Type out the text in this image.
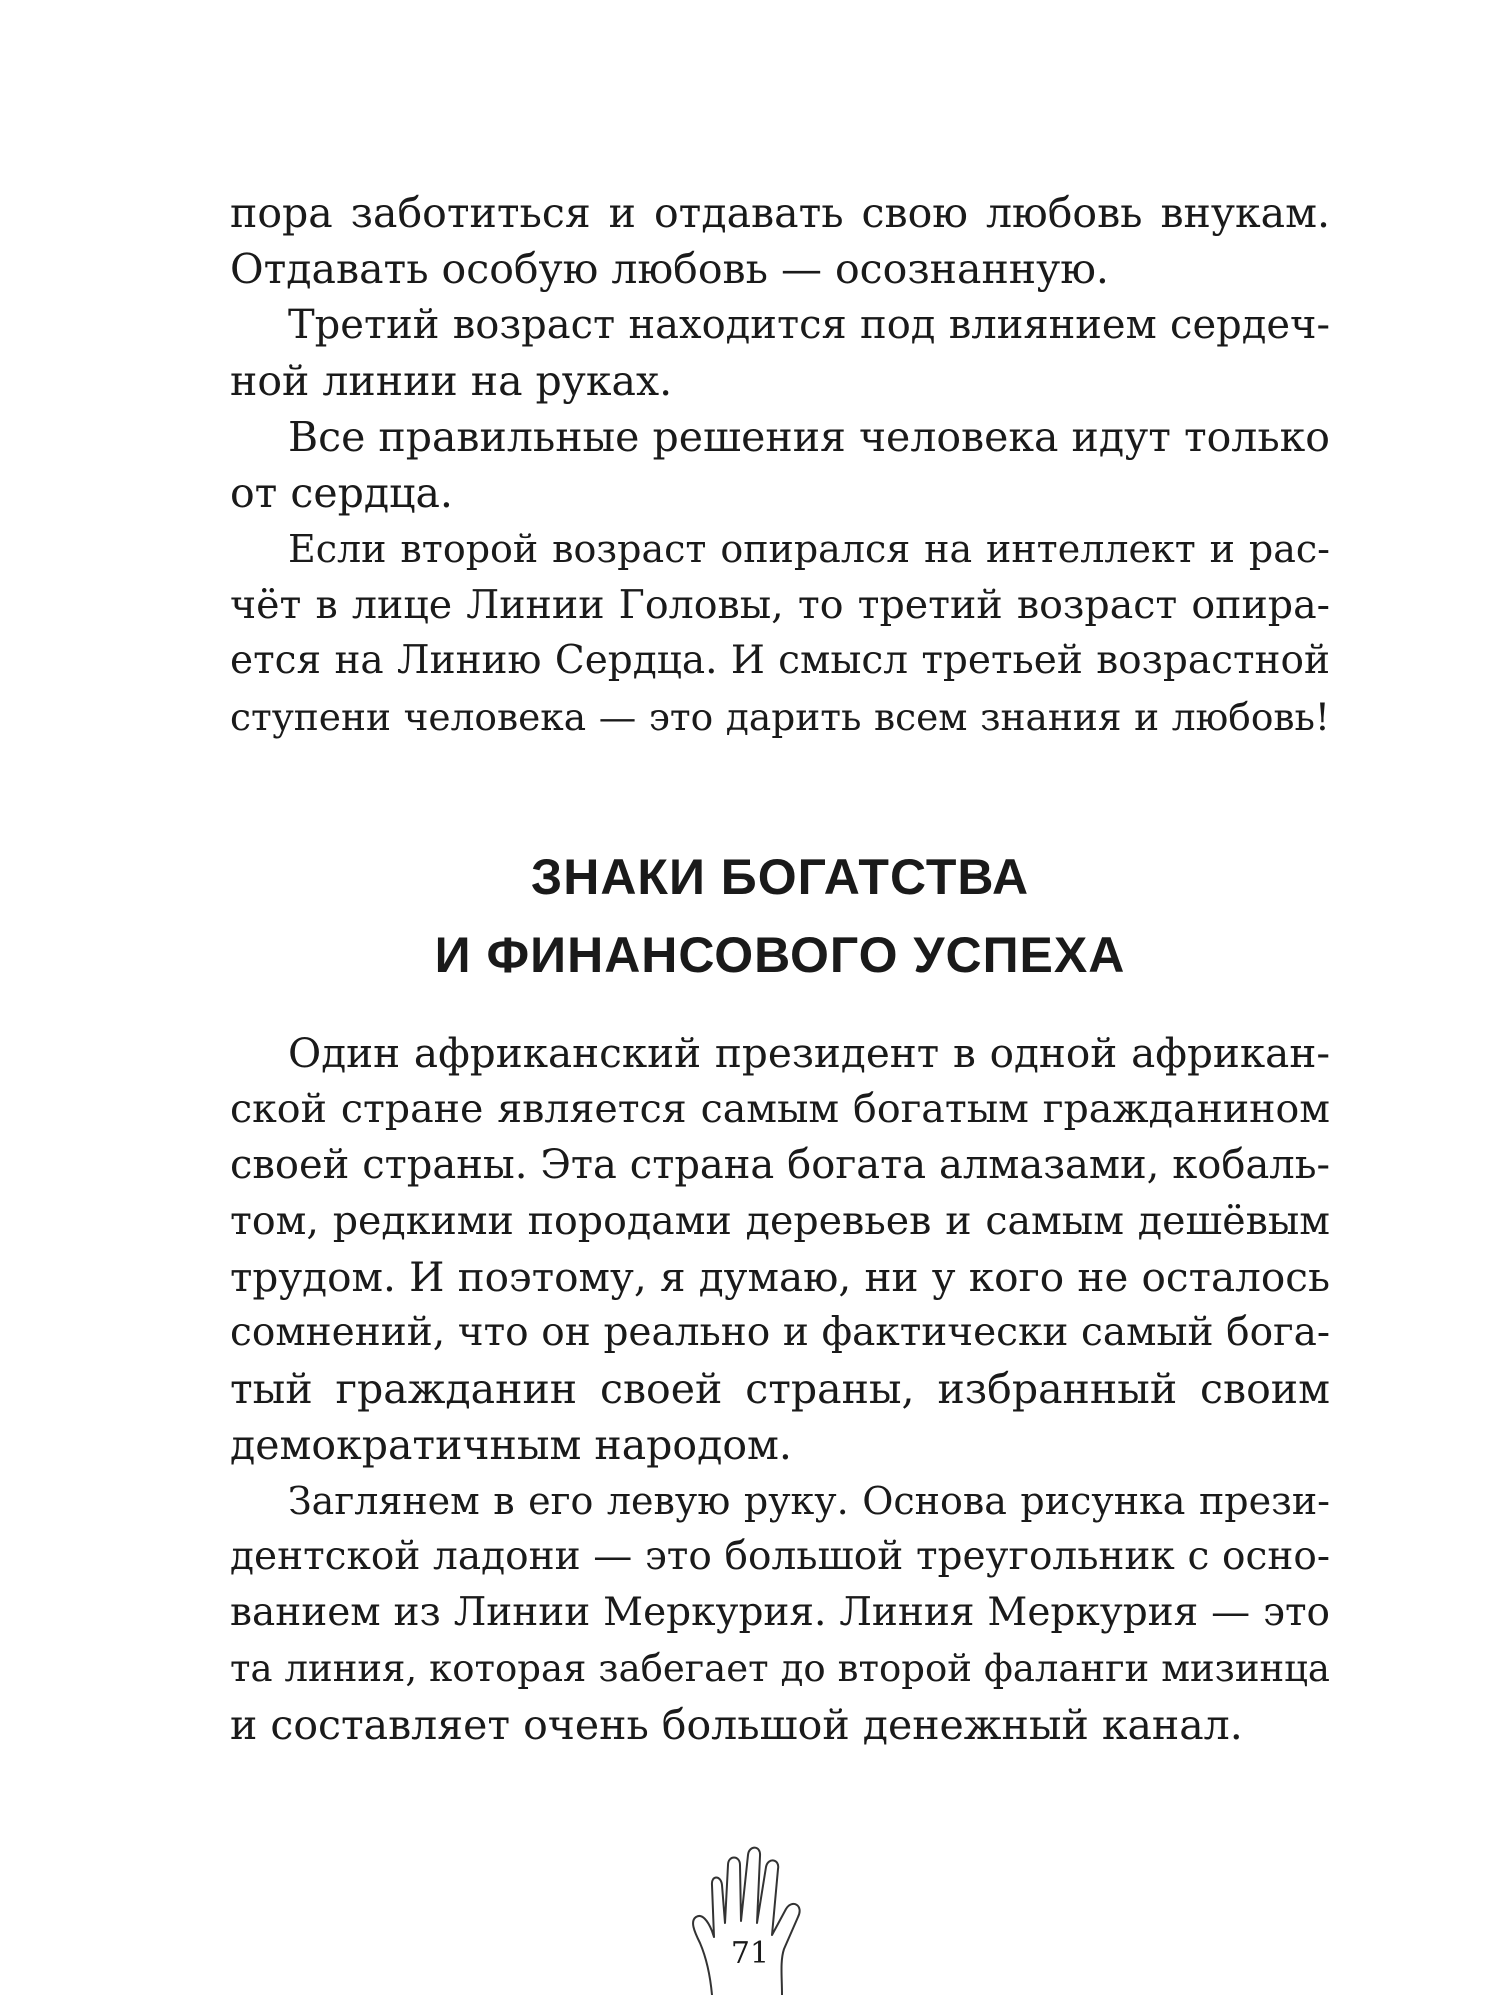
пора заботиться и отдавать свою любовь внукам.
Отдавать особую любовь — осознанную.
Третий возраст находится под влиянием сердеч-
ной линии на руках.
Все правильные решения человека идут только
от сердца.
Если второй возраст опирался на интеллект и рас-
чёт в лице Линии Головы, то третий возраст опира-
ется на Линию Сердца. И смысл третьей возрастной
ступени человека — это дарить всем знания и любовь!
ЗНАКИ БОГАТСТВА
И ФИНАНСОВОГО УСПЕХА
Один африканский президент в одной африкан-
ской стране является самым богатым гражданином
своей страны. Эта страна богата алмазами, кобаль-
том, редкими породами деревьев и самым дешёвым
трудом. И поэтому, я думаю, ни у кого не осталось
сомнений, что он реально и фактически самый бога-
тый гражданин своей страны, избранный своим
демократичным народом.
Заглянем в его левую руку. Основа рисунка прези-
дентской ладони — это большой треугольник с осно-
ванием из Линии Меркурия. Линия Меркурия — это
та линия, которая забегает до второй фаланги мизинца
и составляет очень большой денежный канал.
71
